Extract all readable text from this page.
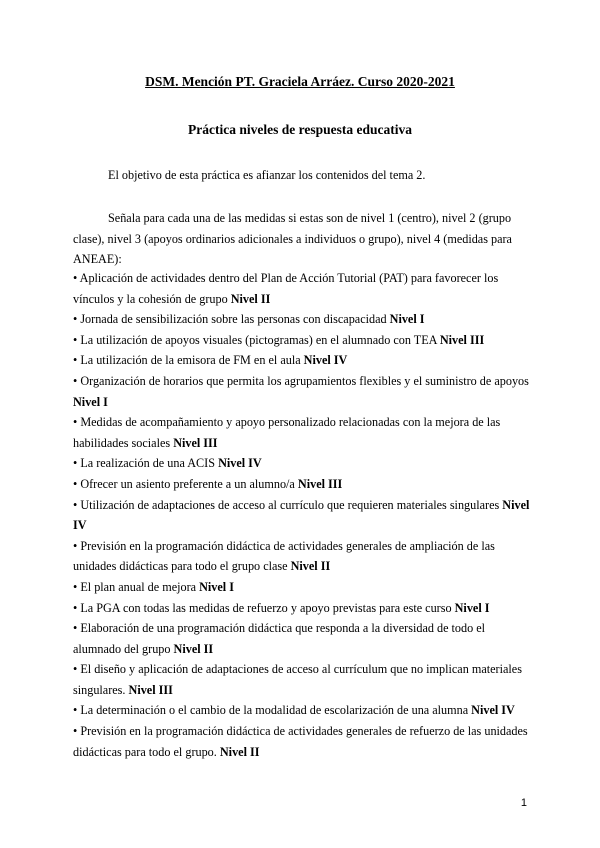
DSM. Mención PT. Graciela Arráez. Curso 2020-2021
Práctica niveles de respuesta educativa
El objetivo de esta práctica es afianzar los contenidos del tema 2.
Señala para cada una de las medidas si estas son de nivel 1 (centro), nivel 2 (grupo clase), nivel 3 (apoyos ordinarios adicionales a individuos o grupo), nivel 4 (medidas para ANEAE):

• Aplicación de actividades dentro del Plan de Acción Tutorial (PAT) para favorecer los vínculos y la cohesión de grupo Nivel II

• Jornada de sensibilización sobre las personas con discapacidad Nivel I

• La utilización de apoyos visuales (pictogramas) en el alumnado con TEA Nivel III

• La utilización de la emisora de FM en el aula Nivel IV

• Organización de horarios que permita los agrupamientos flexibles y el suministro de apoyos Nivel I

• Medidas de acompañamiento y apoyo personalizado relacionadas con la mejora de las habilidades sociales Nivel III

• La realización de una ACIS Nivel IV

• Ofrecer un asiento preferente a un alumno/a Nivel III

• Utilización de adaptaciones de acceso al currículo que requieren materiales singulares Nivel IV

• Previsión en la programación didáctica de actividades generales de ampliación de las unidades didácticas para todo el grupo clase Nivel II

• El plan anual de mejora Nivel I

• La PGA con todas las medidas de refuerzo y apoyo previstas para este curso Nivel I

• Elaboración de una programación didáctica que responda a la diversidad de todo el alumnado del grupo Nivel II

• El diseño y aplicación de adaptaciones de acceso al currículum que no implican materiales singulares. Nivel III

• La determinación o el cambio de la modalidad de escolarización de una alumna Nivel IV

• Previsión en la programación didáctica de actividades generales de refuerzo de las unidades didácticas para todo el grupo. Nivel II

1
